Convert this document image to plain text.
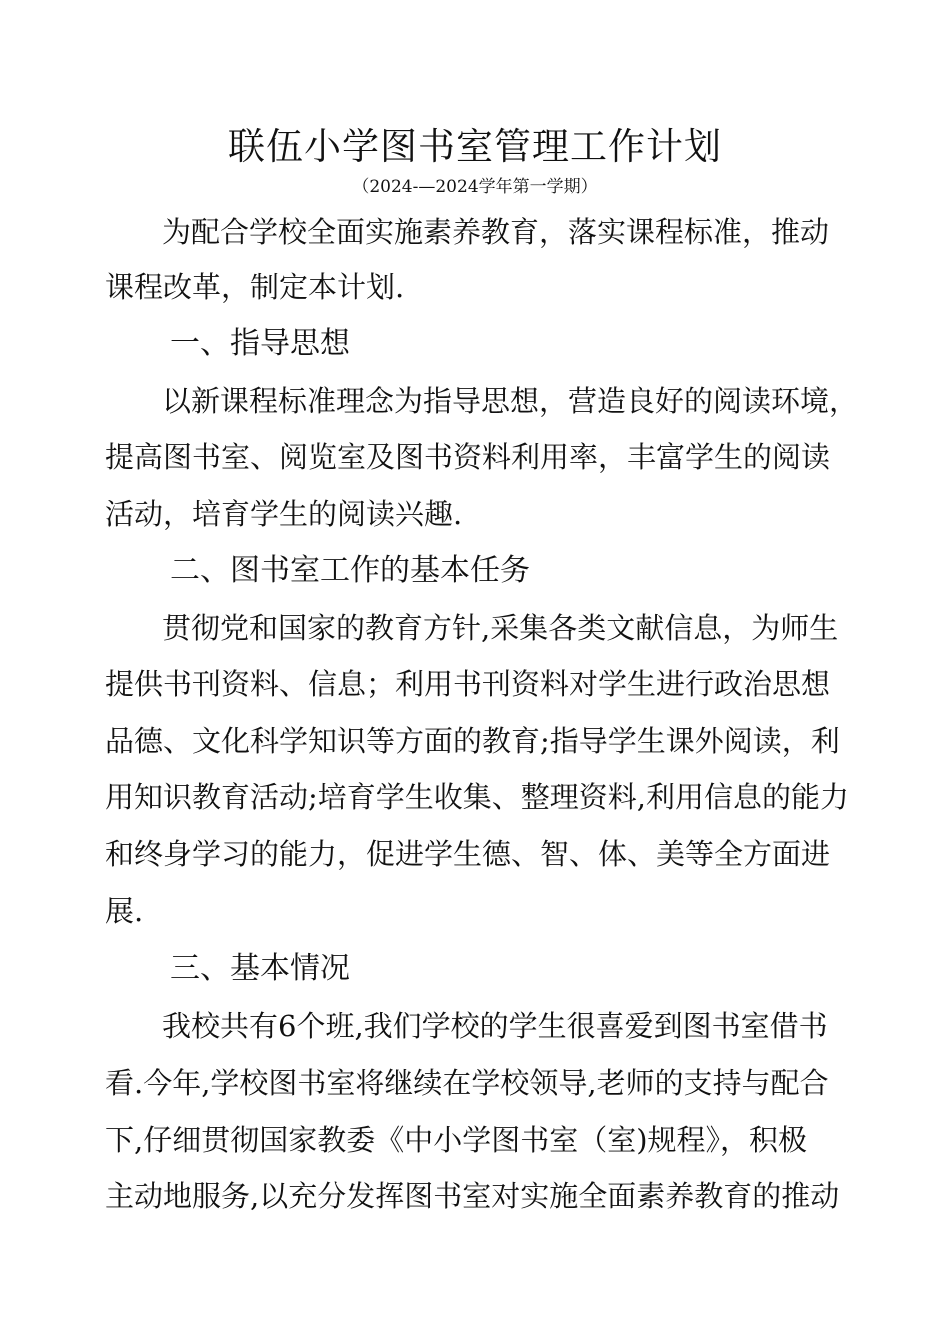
联伍小学图书室管理工作计划
（2024-—2024学年第一学期）
为配合学校全面实施素养教育，落实课程标准，推动
课程改革，制定本计划.
一、指导思想
以新课程标准理念为指导思想，营造良好的阅读环境，
提高图书室、阅览室及图书资料利用率，丰富学生的阅读
活动，培育学生的阅读兴趣.
二、图书室工作的基本任务
贯彻党和国家的教育方针,采集各类文献信息，为师生
提供书刊资料、信息；利用书刊资料对学生进行政治思想
品德、文化科学知识等方面的教育;指导学生课外阅读，利
用知识教育活动;培育学生收集、整理资料,利用信息的能力
和终身学习的能力，促进学生德、智、体、美等全方面进
展.
三、基本情况
我校共有6个班,我们学校的学生很喜爱到图书室借书
看.今年,学校图书室将继续在学校领导,老师的支持与配合
下,仔细贯彻国家教委《中小学图书室（室)规程》，积极
主动地服务,以充分发挥图书室对实施全面素养教育的推动
